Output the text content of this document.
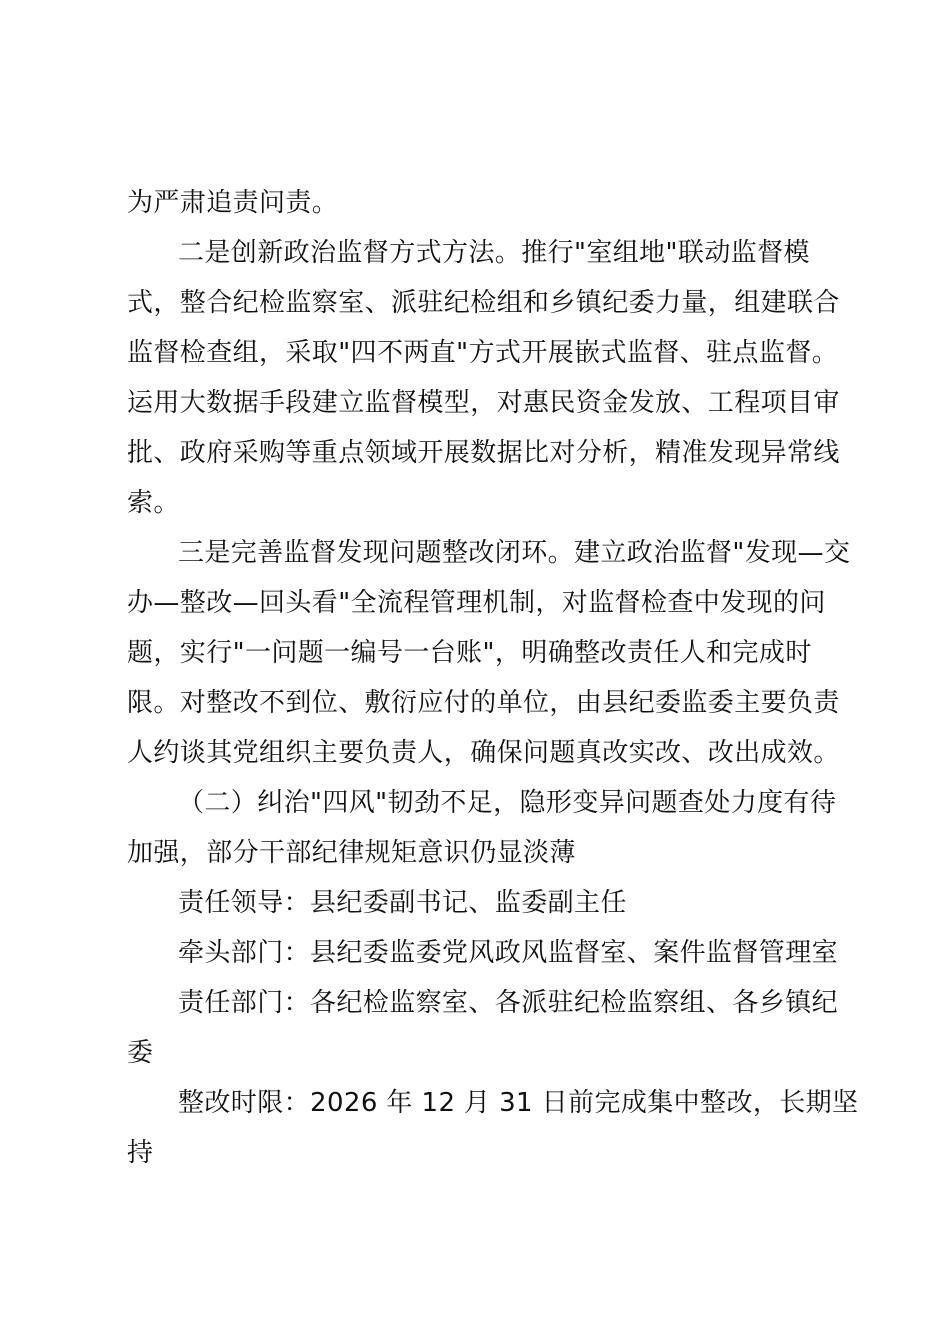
为严肃追责问责。
二是创新政治监督方式方法。推行"室组地"联动监督模
式，整合纪检监察室、派驻纪检组和乡镇纪委力量，组建联合
监督检查组，采取"四不两直"方式开展嵌式监督、驻点监督。
运用大数据手段建立监督模型，对惠民资金发放、工程项目审
批、政府采购等重点领域开展数据比对分析，精准发现异常线
索。
三是完善监督发现问题整改闭环。建立政治监督"发现—交
办—整改—回头看"全流程管理机制，对监督检查中发现的问
题，实行"一问题一编号一台账"，明确整改责任人和完成时
限。对整改不到位、敷衍应付的单位，由县纪委监委主要负责
人约谈其党组织主要负责人，确保问题真改实改、改出成效。
（二）纠治"四风"韧劲不足，隐形变异问题查处力度有待
加强，部分干部纪律规矩意识仍显淡薄
责任领导：县纪委副书记、监委副主任
牵头部门：县纪委监委党风政风监督室、案件监督管理室
责任部门：各纪检监察室、各派驻纪检监察组、各乡镇纪
委
整改时限：2026 年 12 月 31 日前完成集中整改，长期坚
持
